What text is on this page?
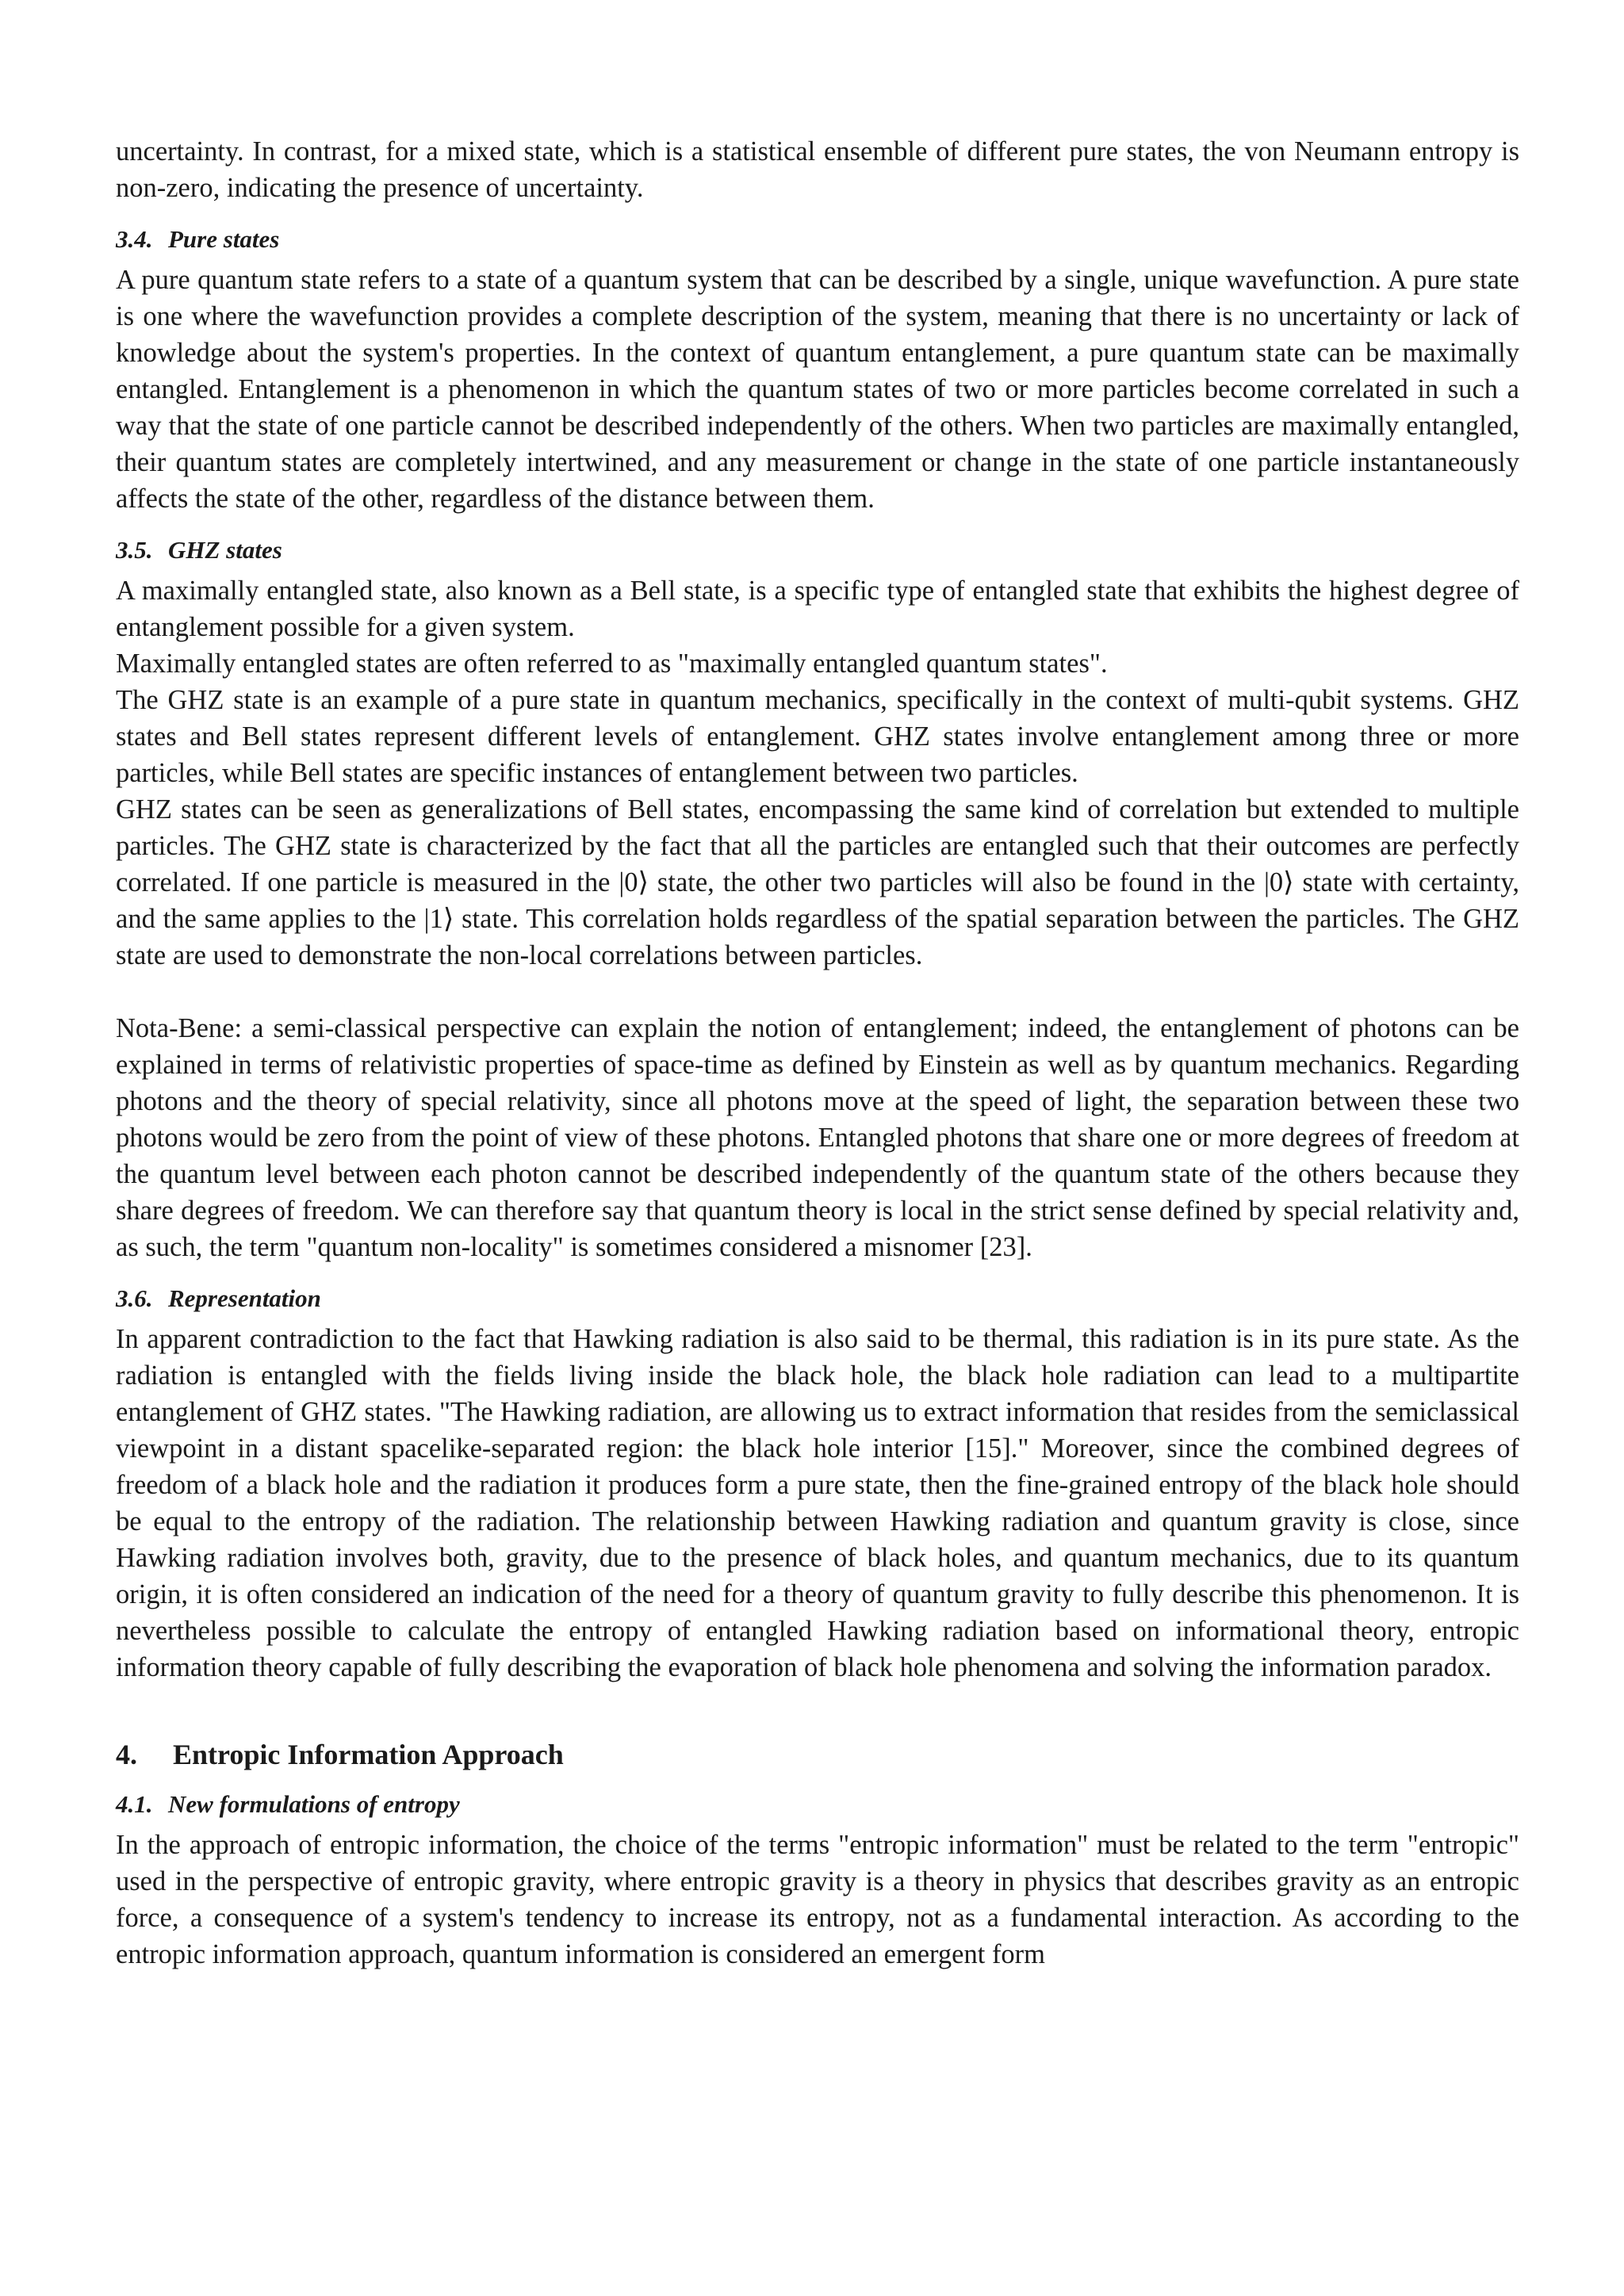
uncertainty. In contrast, for a mixed state, which is a statistical ensemble of different pure states, the von Neumann entropy is non-zero, indicating the presence of uncertainty.

3.4. Pure states

A pure quantum state refers to a state of a quantum system that can be described by a single, unique wavefunction. A pure state is one where the wavefunction provides a complete description of the system, meaning that there is no uncertainty or lack of knowledge about the system's properties. In the context of quantum entanglement, a pure quantum state can be maximally entangled. Entanglement is a phenomenon in which the quantum states of two or more particles become correlated in such a way that the state of one particle cannot be described independently of the others. When two particles are maximally entangled, their quantum states are completely intertwined, and any measurement or change in the state of one particle instantaneously affects the state of the other, regardless of the distance between them.

3.5. GHZ states

A maximally entangled state, also known as a Bell state, is a specific type of entangled state that exhibits the highest degree of entanglement possible for a given system.

Maximally entangled states are often referred to as "maximally entangled quantum states".

The GHZ state is an example of a pure state in quantum mechanics, specifically in the context of multi-qubit systems. GHZ states and Bell states represent different levels of entanglement. GHZ states involve entanglement among three or more particles, while Bell states are specific instances of entanglement between two particles.

GHZ states can be seen as generalizations of Bell states, encompassing the same kind of correlation but extended to multiple particles. The GHZ state is characterized by the fact that all the particles are entangled such that their outcomes are perfectly correlated. If one particle is measured in the |0⟩ state, the other two particles will also be found in the |0⟩ state with certainty, and the same applies to the |1⟩ state. This correlation holds regardless of the spatial separation between the particles. The GHZ state are used to demonstrate the non-local correlations between particles.

Nota-Bene: a semi-classical perspective can explain the notion of entanglement; indeed, the entanglement of photons can be explained in terms of relativistic properties of space-time as defined by Einstein as well as by quantum mechanics. Regarding photons and the theory of special relativity, since all photons move at the speed of light, the separation between these two photons would be zero from the point of view of these photons. Entangled photons that share one or more degrees of freedom at the quantum level between each photon cannot be described independently of the quantum state of the others because they share degrees of freedom. We can therefore say that quantum theory is local in the strict sense defined by special relativity and, as such, the term "quantum non-locality" is sometimes considered a misnomer [23].

3.6. Representation

In apparent contradiction to the fact that Hawking radiation is also said to be thermal, this radiation is in its pure state. As the radiation is entangled with the fields living inside the black hole, the black hole radiation can lead to a multipartite entanglement of GHZ states. "The Hawking radiation, are allowing us to extract information that resides from the semiclassical viewpoint in a distant spacelike-separated region: the black hole interior [15]." Moreover, since the combined degrees of freedom of a black hole and the radiation it produces form a pure state, then the fine-grained entropy of the black hole should be equal to the entropy of the radiation. The relationship between Hawking radiation and quantum gravity is close, since Hawking radiation involves both, gravity, due to the presence of black holes, and quantum mechanics, due to its quantum origin, it is often considered an indication of the need for a theory of quantum gravity to fully describe this phenomenon. It is nevertheless possible to calculate the entropy of entangled Hawking radiation based on informational theory, entropic information theory capable of fully describing the evaporation of black hole phenomena and solving the information paradox.

4. Entropic Information Approach
4.1. New formulations of entropy

In the approach of entropic information, the choice of the terms "entropic information" must be related to the term "entropic" used in the perspective of entropic gravity, where entropic gravity is a theory in physics that describes gravity as an entropic force, a consequence of a system's tendency to increase its entropy, not as a fundamental interaction. As according to the entropic information approach, quantum information is considered an emergent form
